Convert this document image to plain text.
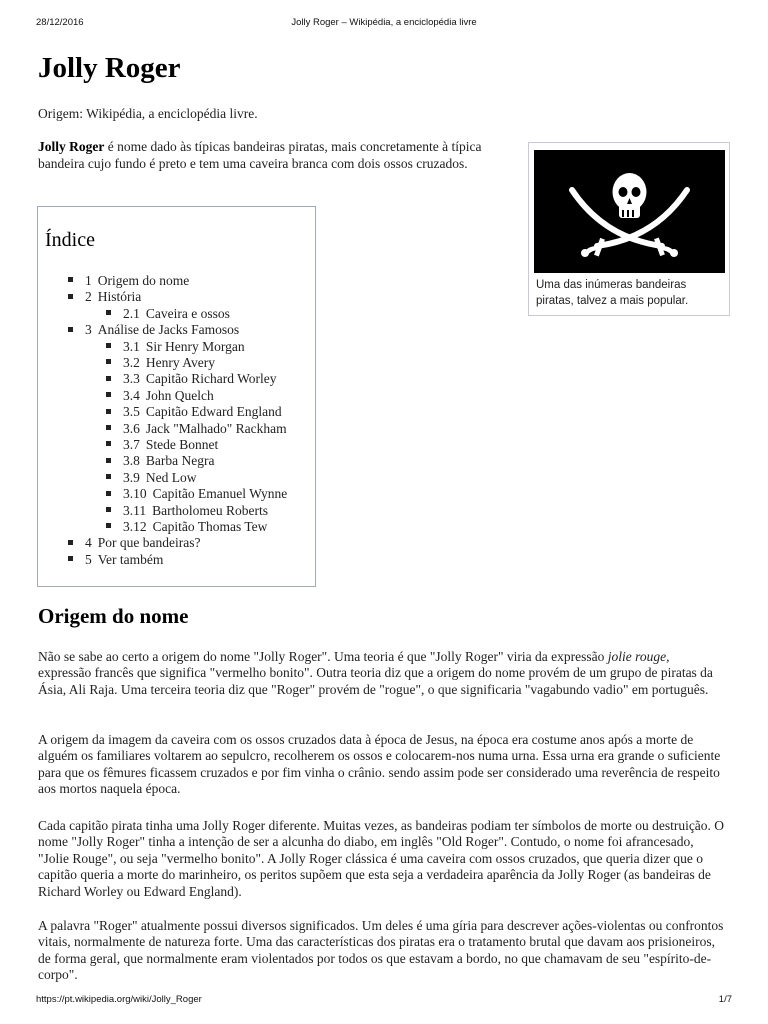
28/12/2016	Jolly Roger – Wikipédia, a enciclopédia livre
Jolly Roger
Origem: Wikipédia, a enciclopédia livre.

Jolly Roger é nome dado às típicas bandeiras piratas, mais concretamente à típica bandeira cujo fundo é preto e tem uma caveira branca com dois ossos cruzados.

Uma das inúmeras bandeiras piratas, talvez a mais popular.
Índice
1 Origem do nome
2 História
2.1 Caveira e ossos
3 Análise de Jacks Famosos
3.1 Sir Henry Morgan
3.2 Henry Avery
3.3 Capitão Richard Worley
3.4 John Quelch
3.5 Capitão Edward England
3.6 Jack "Malhado" Rackham
3.7 Stede Bonnet
3.8 Barba Negra
3.9 Ned Low
3.10 Capitão Emanuel Wynne
3.11 Bartholomeu Roberts
3.12 Capitão Thomas Tew
4 Por que bandeiras?
5 Ver também
Origem do nome

Não se sabe ao certo a origem do nome "Jolly Roger". Uma teoria é que "Jolly Roger" viria da expressão jolie rouge, expressão francês que significa "vermelho bonito". Outra teoria diz que a origem do nome provém de um grupo de piratas da Ásia, Ali Raja. Uma terceira teoria diz que "Roger" provém de "rogue", o que significaria "vagabundo vadio" em português.

A origem da imagem da caveira com os ossos cruzados data à época de Jesus, na época era costume anos após a morte de alguém os familiares voltarem ao sepulcro, recolherem os ossos e colocarem-nos numa urna. Essa urna era grande o suficiente para que os fêmures ficassem cruzados e por fim vinha o crânio. sendo assim pode ser considerado uma reverência de respeito aos mortos naquela época.

Cada capitão pirata tinha uma Jolly Roger diferente. Muitas vezes, as bandeiras podiam ter símbolos de morte ou destruição. O nome "Jolly Roger" tinha a intenção de ser a alcunha do diabo, em inglês "Old Roger". Contudo, o nome foi afrancesado, "Jolie Rouge", ou seja "vermelho bonito". A Jolly Roger clássica é uma caveira com ossos cruzados, que queria dizer que o capitão queria a morte do marinheiro, os peritos supõem que esta seja a verdadeira aparência da Jolly Roger (as bandeiras de Richard Worley ou Edward England).

A palavra "Roger" atualmente possui diversos significados. Um deles é uma gíria para descrever ações-violentas ou confrontos vitais, normalmente de natureza forte. Uma das características dos piratas era o tratamento brutal que davam aos prisioneiros, de forma geral, que normalmente eram violentados por todos os que estavam a bordo, no que chamavam de seu "espírito-de-corpo".

https://pt.wikipedia.org/wiki/Jolly_Roger	1/7
